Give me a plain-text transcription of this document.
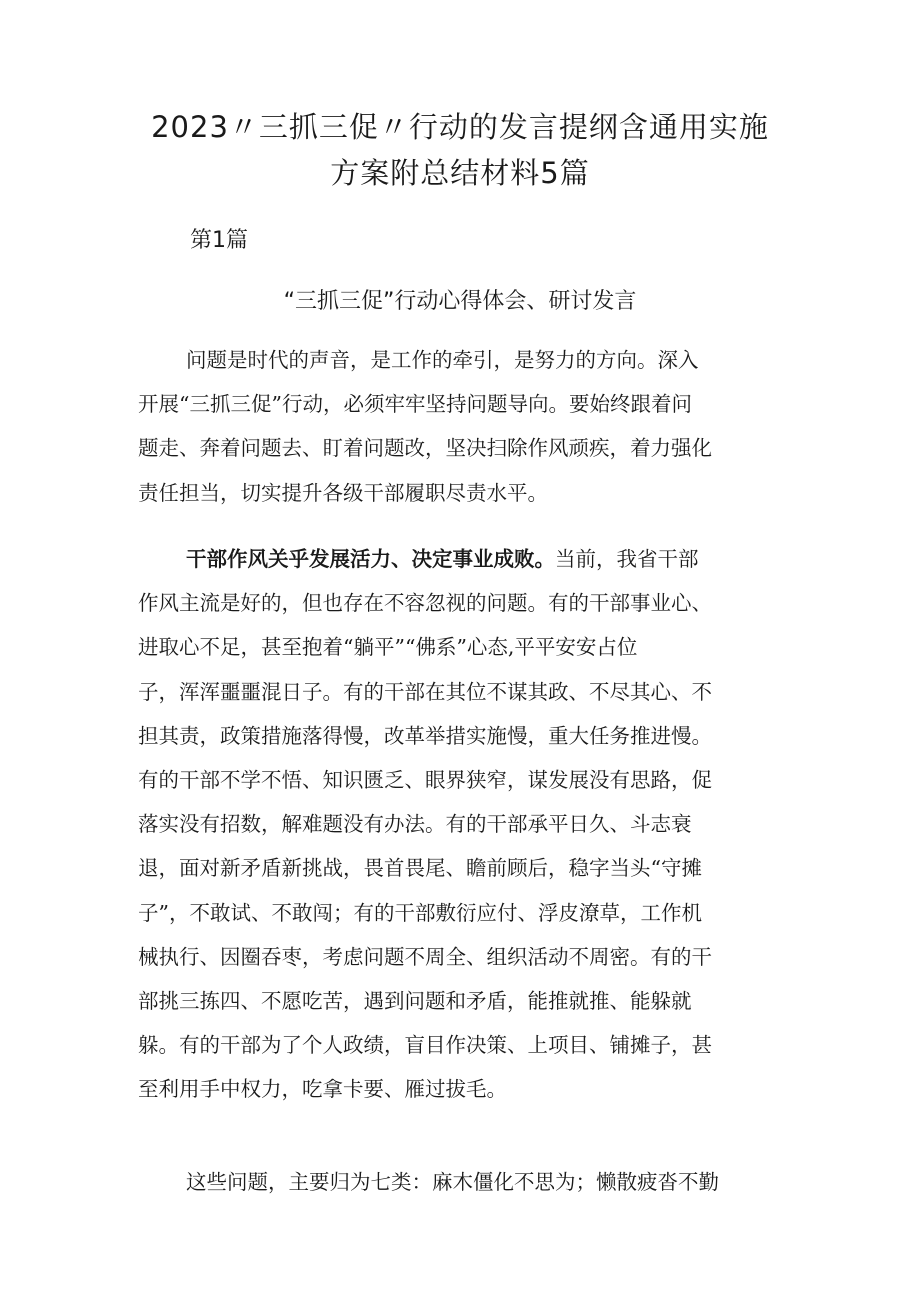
2023〃三抓三促〃行动的发言提纲含通用实施
方案附总结材料5篇

第1篇

“三抓三促”行动心得体会、研讨发言

问题是时代的声音，是工作的牵引，是努力的方向。深入
开展“三抓三促”行动，必须牢牢坚持问题导向。要始终跟着问
题走、奔着问题去、盯着问题改，坚决扫除作风顽疾，着力强化
责任担当，切实提升各级干部履职尽责水平。
干部作风关乎发展活力、决定事业成败。当前，我省干部
作风主流是好的，但也存在不容忽视的问题。有的干部事业心、
进取心不足，甚至抱着“躺平”“佛系”心态,平平安安占位
子，浑浑噩噩混日子。有的干部在其位不谋其政、不尽其心、不
担其责，政策措施落得慢，改革举措实施慢，重大任务推进慢。
有的干部不学不悟、知识匮乏、眼界狭窄，谋发展没有思路，促
落实没有招数，解难题没有办法。有的干部承平日久、斗志衰
退，面对新矛盾新挑战，畏首畏尾、瞻前顾后，稳字当头“守摊
子”，不敢试、不敢闯；有的干部敷衍应付、浮皮潦草，工作机
械执行、因圈吞枣，考虑问题不周全、组织活动不周密。有的干
部挑三拣四、不愿吃苦，遇到问题和矛盾，能推就推、能躲就
躲。有的干部为了个人政绩，盲目作决策、上项目、铺摊子，甚
至利用手中权力，吃拿卡要、雁过拔毛。
这些问题，主要归为七类：麻木僵化不思为；懒散疲沓不勤
